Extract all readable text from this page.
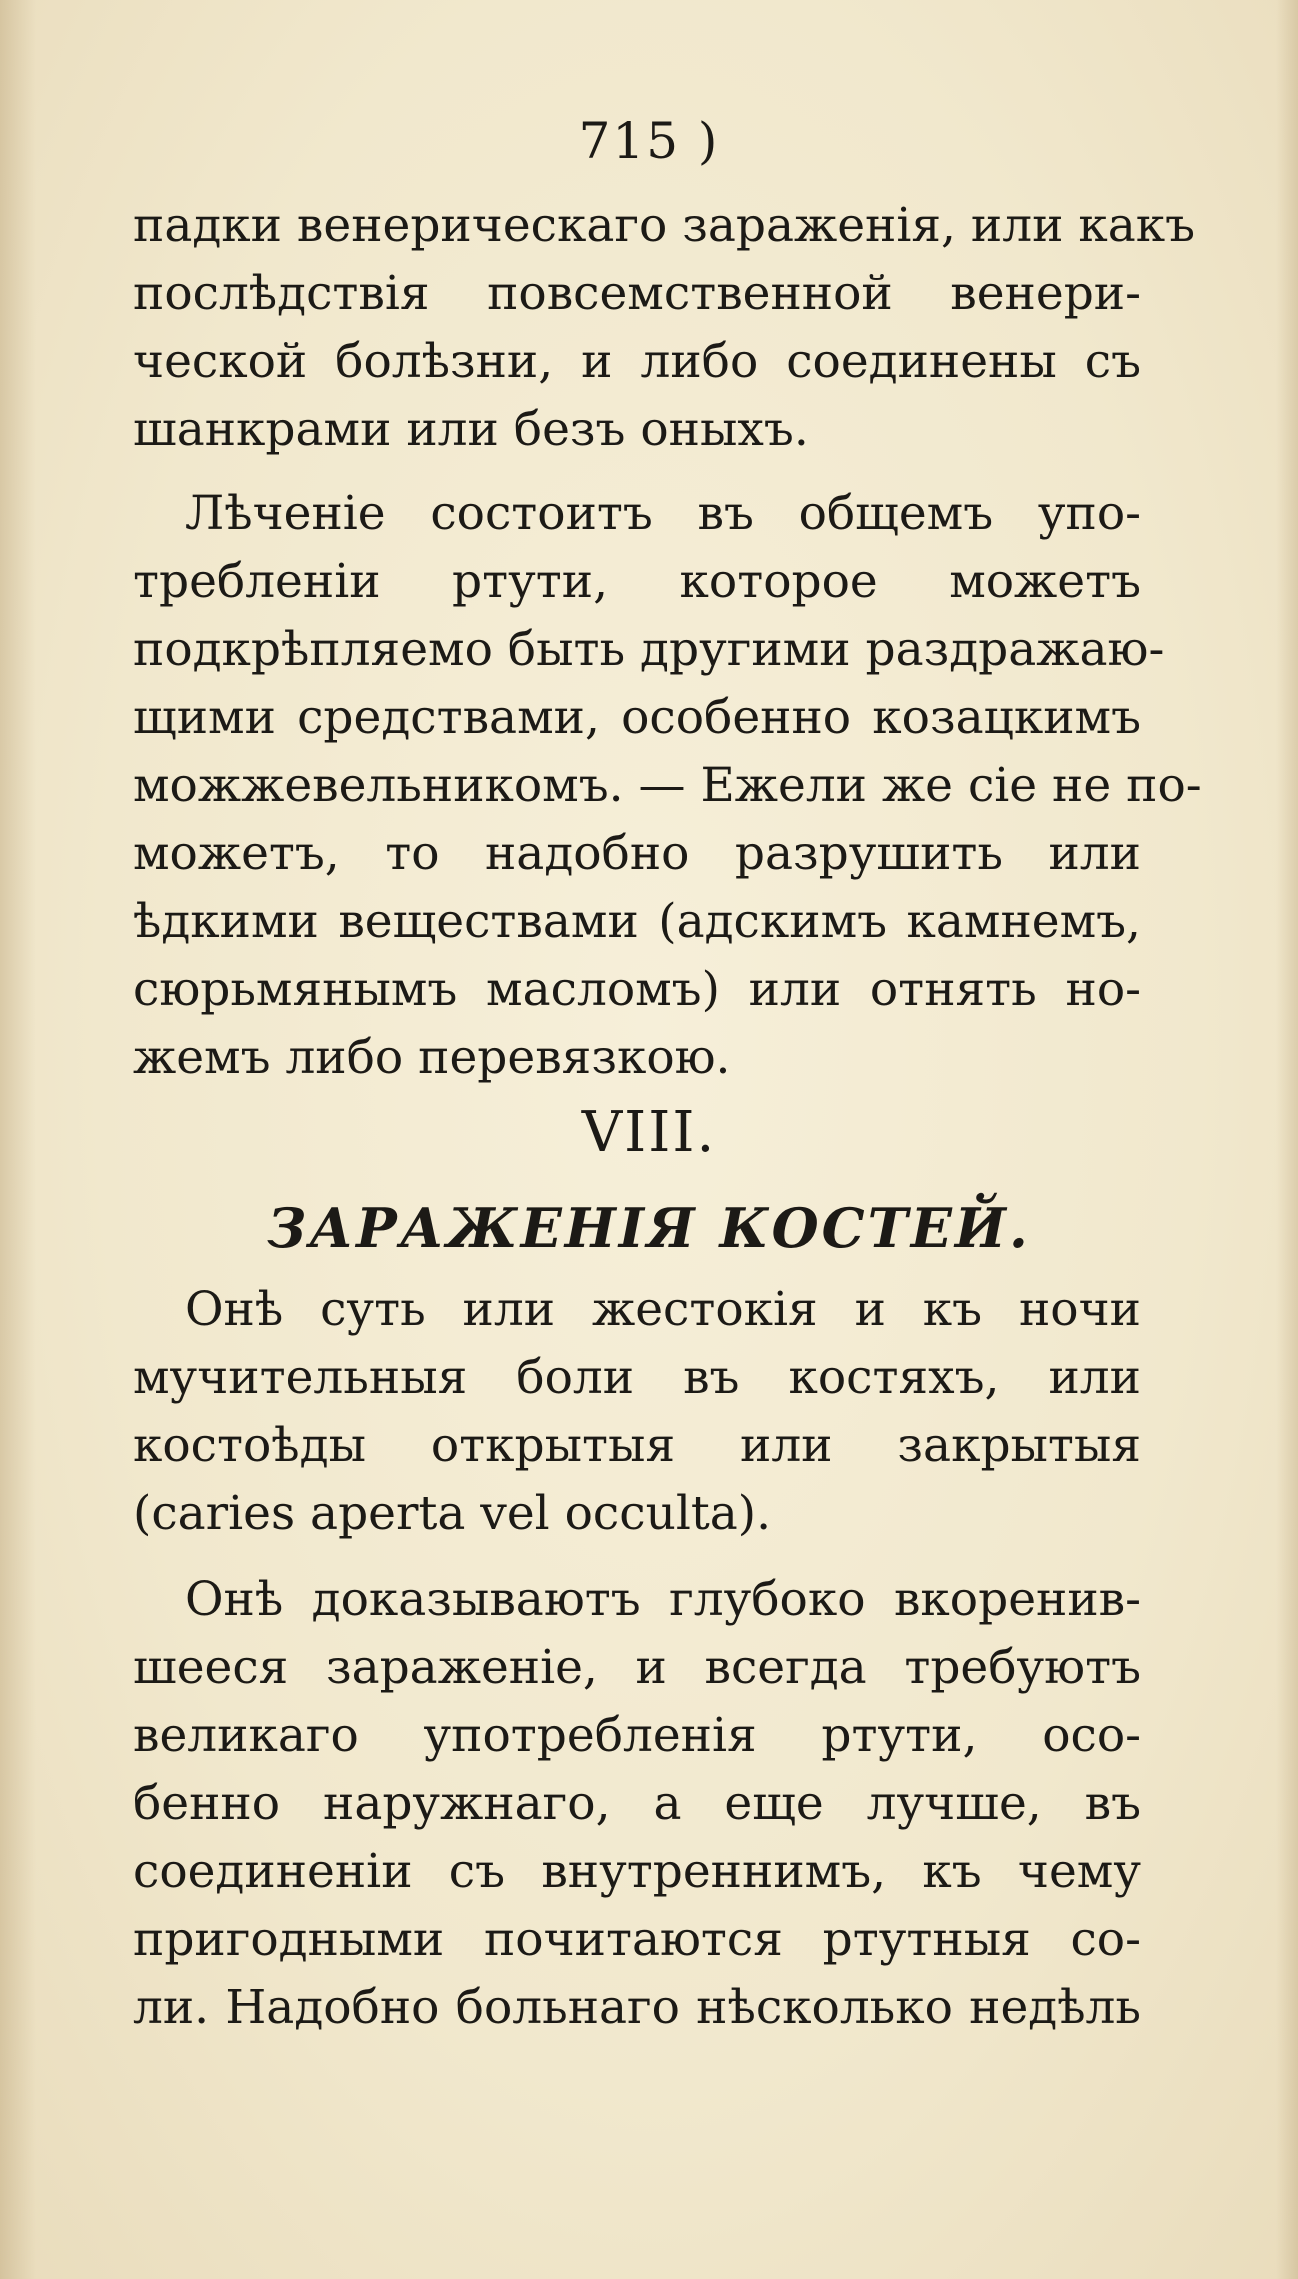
715 )
падки венерическаго зараженія, или какъ
послѣдствія повсемственной венери-
ческой болѣзни, и либо соединены съ
шанкрами или безъ оныхъ.
Лѣченіе состоитъ въ общемъ упо-
требленіи ртути, которое можетъ
подкрѣпляемо быть другими раздражаю-
щими средствами, особенно козацкимъ
можжевельникомъ. — Ежели же сіе не по-
можетъ, то надобно разрушить или
ѣдкими веществами (адскимъ камнемъ,
сюрьмянымъ масломъ) или отнять но-
жемъ либо перевязкою.
VIII.
ЗАРАЖЕНІЯ КОСТЕЙ.
Онѣ суть или жестокія и къ ночи
мучительныя боли въ костяхъ, или
костоѣды открытыя или закрытыя
(caries aperta vel occulta).
Онѣ доказываютъ глубоко вкоренив-
шееся зараженіе, и всегда требуютъ
великаго употребленія ртути, осо-
бенно наружнаго, а еще лучше, въ
соединеніи съ внутреннимъ, къ чему
пригодными почитаются ртутныя со-
ли. Надобно больнаго нѣсколько недѣль
